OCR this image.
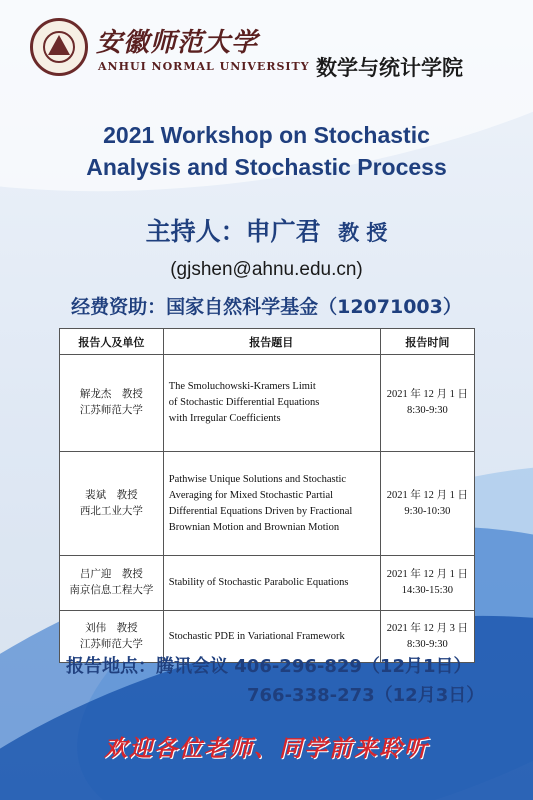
安徽师范大学
ANHUI NORMAL UNIVERSITY 数学与统计学院
2021 Workshop on Stochastic
Analysis and Stochastic Process
主持人：申广君 教 授
(gjshen@ahnu.edu.cn)
经费资助：国家自然科学基金（12071003）
报告人及单位	报告题目	报告时间

解龙杰　教授
江苏师范大学	The Smoluchowski-Kramers Limit
of Stochastic Differential Equations
with Irregular Coefficients	2021 年 12 月 1 日
8:30-9:30

裴斌　教授
西北工业大学	Pathwise Unique Solutions and Stochastic
Averaging for Mixed Stochastic Partial
Differential Equations Driven by Fractional
Brownian Motion and Brownian Motion	2021 年 12 月 1 日
9:30-10:30

吕广迎　教授
南京信息工程大学	Stability of Stochastic Parabolic Equations	2021 年 12 月 1 日
14:30-15:30

刘伟　教授
江苏师范大学	Stochastic PDE in Variational Framework	2021 年 12 月 3 日
8:30-9:30
报告地点：腾讯会议 406-296-829（12月1日）
766-338-273（12月3日）
欢迎各位老师、同学前来聆听
